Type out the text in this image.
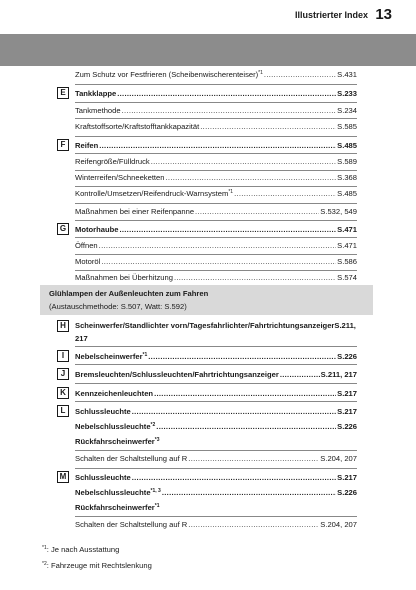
Illustrierter Index 13
Zum Schutz vor Festfrieren (Scheibenwischerenteiser)$^{*1}$ .....	S.431
E	Tankklappe .....	S.233
Tankmethode .....	S.234
Kraftstoffsorte/Kraftstofftankkapazität .....	S.585
F	Reifen .....	S.485
Reifengröße/Fülldruck .....	S.589
Winterreifen/Schneeketten .....	S.368
Kontrolle/Umsetzen/Reifendruck-Warnsystem$^{*1}$ .....	S.485
Maßnahmen bei einer Reifenpanne .....	S.532, 549
G	Motorhaube .....	S.471
Öffnen .....	S.471
Motoröl .....	S.586
Maßnahmen bei Überhitzung .....	S.574
Glühlampen der Außenleuchten zum Fahren
(Austauschmethode: S.507, Watt: S.592)
H	Scheinwerfer/Standlichter vorn/Tagesfahrlichter/FahrtrichtungsanzeigerS.211, 217
I	Nebelscheinwerfer$^{*1}$ .....	S.226
J	Bremsleuchten/Schlussleuchten/Fahrtrichtungsanzeiger .....	S.211, 217
K	Kennzeichenleuchten .....	S.217
L	Schlussleuchte .....	S.217
Nebelschlussleuchte$^{*2}$ .....	S.226
Rückfahrscheinwerfer$^{*3}$
Schalten der Schaltstellung auf R .....	S.204, 207
M	Schlussleuchte .....	S.217
Nebelschlussleuchte$^{*1, 3}$ .....	S.226
Rückfahrscheinwerfer$^{*1}$
Schalten der Schaltstellung auf R .....	S.204, 207
$^{*1}$: Je nach Ausstattung
$^{*2}$: Fahrzeuge mit Rechtslenkung
